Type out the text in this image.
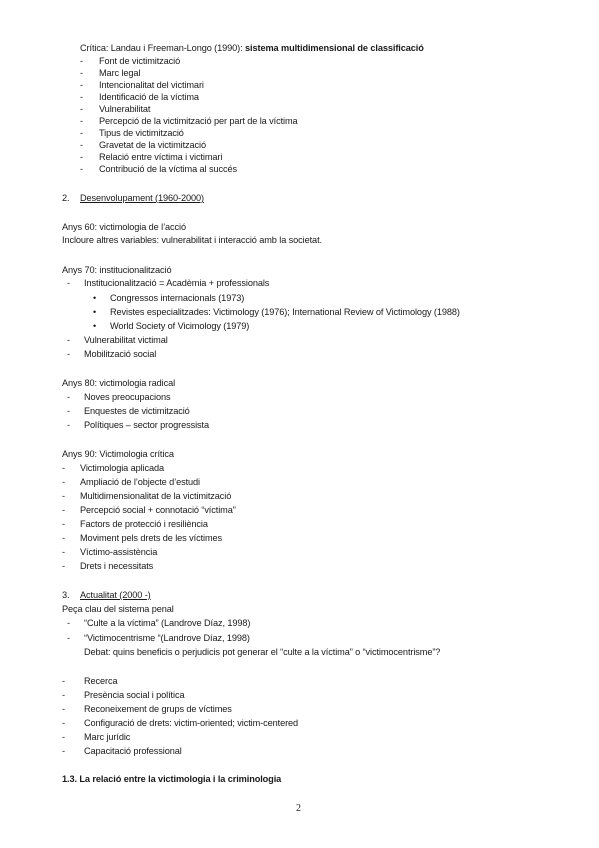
Crítica: Landau i Freeman-Longo (1990): sistema multidimensional de classificació
- Font de victimització
- Marc legal
- Intencionalitat del victimari
- Identificació de la víctima
- Vulnerabilitat
- Percepció de la victimització per part de la víctima
- Tipus de victimització
- Gravetat de la victimització
- Relació entre víctima i victimari
- Contribució de la víctima al succés
2. Desenvolupament (1960-2000)
Anys 60: victimologia de l’acció
Incloure altres variables: vulnerabilitat i interacció amb la societat.
Anys 70: institucionalització
- Institucionalització = Acadèmia + professionals
• Congressos internacionals (1973)
• Revistes especialitzades: Victimology (1976); International Review of Victimology (1988)
• World Society of Vicimology (1979)
- Vulnerabilitat victimal
- Mobilització social
Anys 80: victimologia radical
- Noves preocupacions
- Enquestes de victimització
- Polítiques – sector progressista
Anys 90: Victimologia crítica
- Victimologia aplicada
- Ampliació de l’objecte d’estudi
- Multidimensionalitat de la victimització
- Percepció social + connotació “víctima”
- Factors de protecció i resiliència
- Moviment pels drets de les víctimes
- Víctimo-assistència
- Drets i necessitats
3. Actualitat (2000 -)
Peça clau del sistema penal
- “Culte a la víctima” (Landrove Díaz, 1998)
- “Victimocentrisme “(Landrove Díaz, 1998)
Debat: quins beneficis o perjudicis pot generar el “culte a la víctima” o “victimocentrisme”?
- Recerca
- Presència social i política
- Reconeixement de grups de víctimes
- Configuració de drets: victim-oriented; victim-centered
- Marc jurídic
- Capacitació professional
1.3. La relació entre la victimologia i la criminologia
2
